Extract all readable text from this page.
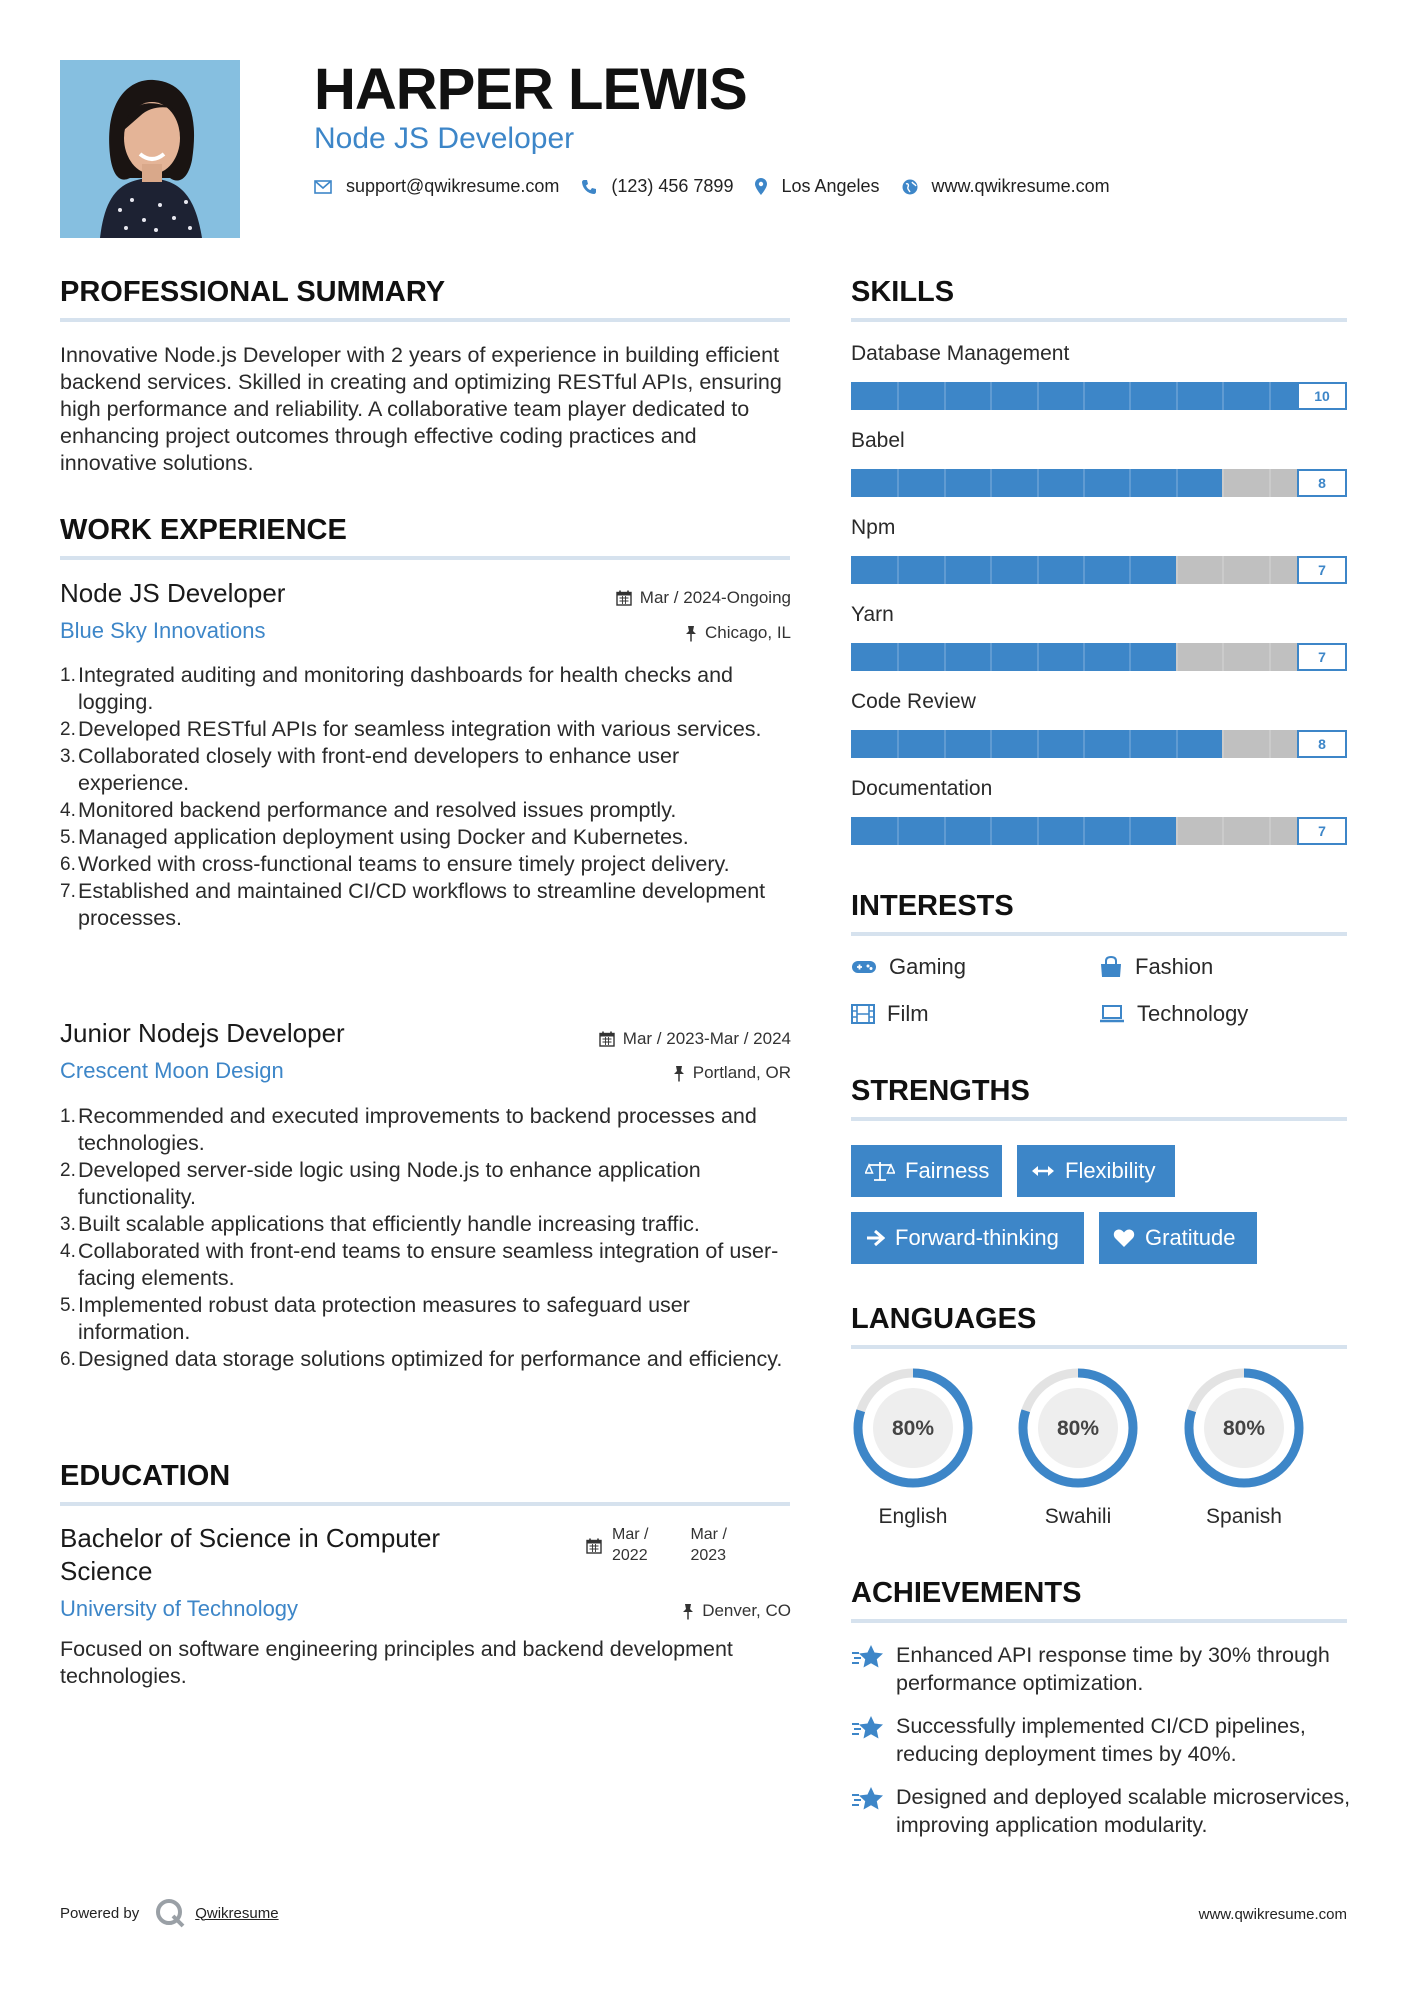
HARPER LEWIS
Node JS Developer
support@qwikresume.com	(123) 456 7899	Los Angeles	www.qwikresume.com
PROFESSIONAL SUMMARY
Innovative Node.js Developer with 2 years of experience in building efficient backend services. Skilled in creating and optimizing RESTful APIs, ensuring high performance and reliability. A collaborative team player dedicated to enhancing project outcomes through effective coding practices and innovative solutions.
WORK EXPERIENCE
Node JS Developer
Blue Sky Innovations
Mar / 2024-Ongoing
Chicago, IL
Integrated auditing and monitoring dashboards for health checks and logging.
Developed RESTful APIs for seamless integration with various services.
Collaborated closely with front-end developers to enhance user experience.
Monitored backend performance and resolved issues promptly.
Managed application deployment using Docker and Kubernetes.
Worked with cross-functional teams to ensure timely project delivery.
Established and maintained CI/CD workflows to streamline development processes.
Junior Nodejs Developer
Crescent Moon Design
Mar / 2023-Mar / 2024
Portland, OR
Recommended and executed improvements to backend processes and technologies.
Developed server-side logic using Node.js to enhance application functionality.
Built scalable applications that efficiently handle increasing traffic.
Collaborated with front-end teams to ensure seamless integration of user-facing elements.
Implemented robust data protection measures to safeguard user information.
Designed data storage solutions optimized for performance and efficiency.
EDUCATION
Bachelor of Science in Computer Science
Mar /
2022
Mar /
2023
University of Technology	Denver, CO
Focused on software engineering principles and backend development technologies.
SKILLS
Database Management
10
Babel
8
Npm
7
Yarn
7
Code Review
8
Documentation
7
INTERESTS
Gaming	Fashion
Film	Technology
STRENGTHS
Fairness	Flexibility
Forward-thinking	Gratitude
LANGUAGES
80%
English
80%
Swahili
80%
Spanish
ACHIEVEMENTS
Enhanced API response time by 30% through performance optimization.
Successfully implemented CI/CD pipelines, reducing deployment times by 40%.
Designed and deployed scalable microservices, improving application modularity.
Powered by	Qwikresume	www.qwikresume.com
